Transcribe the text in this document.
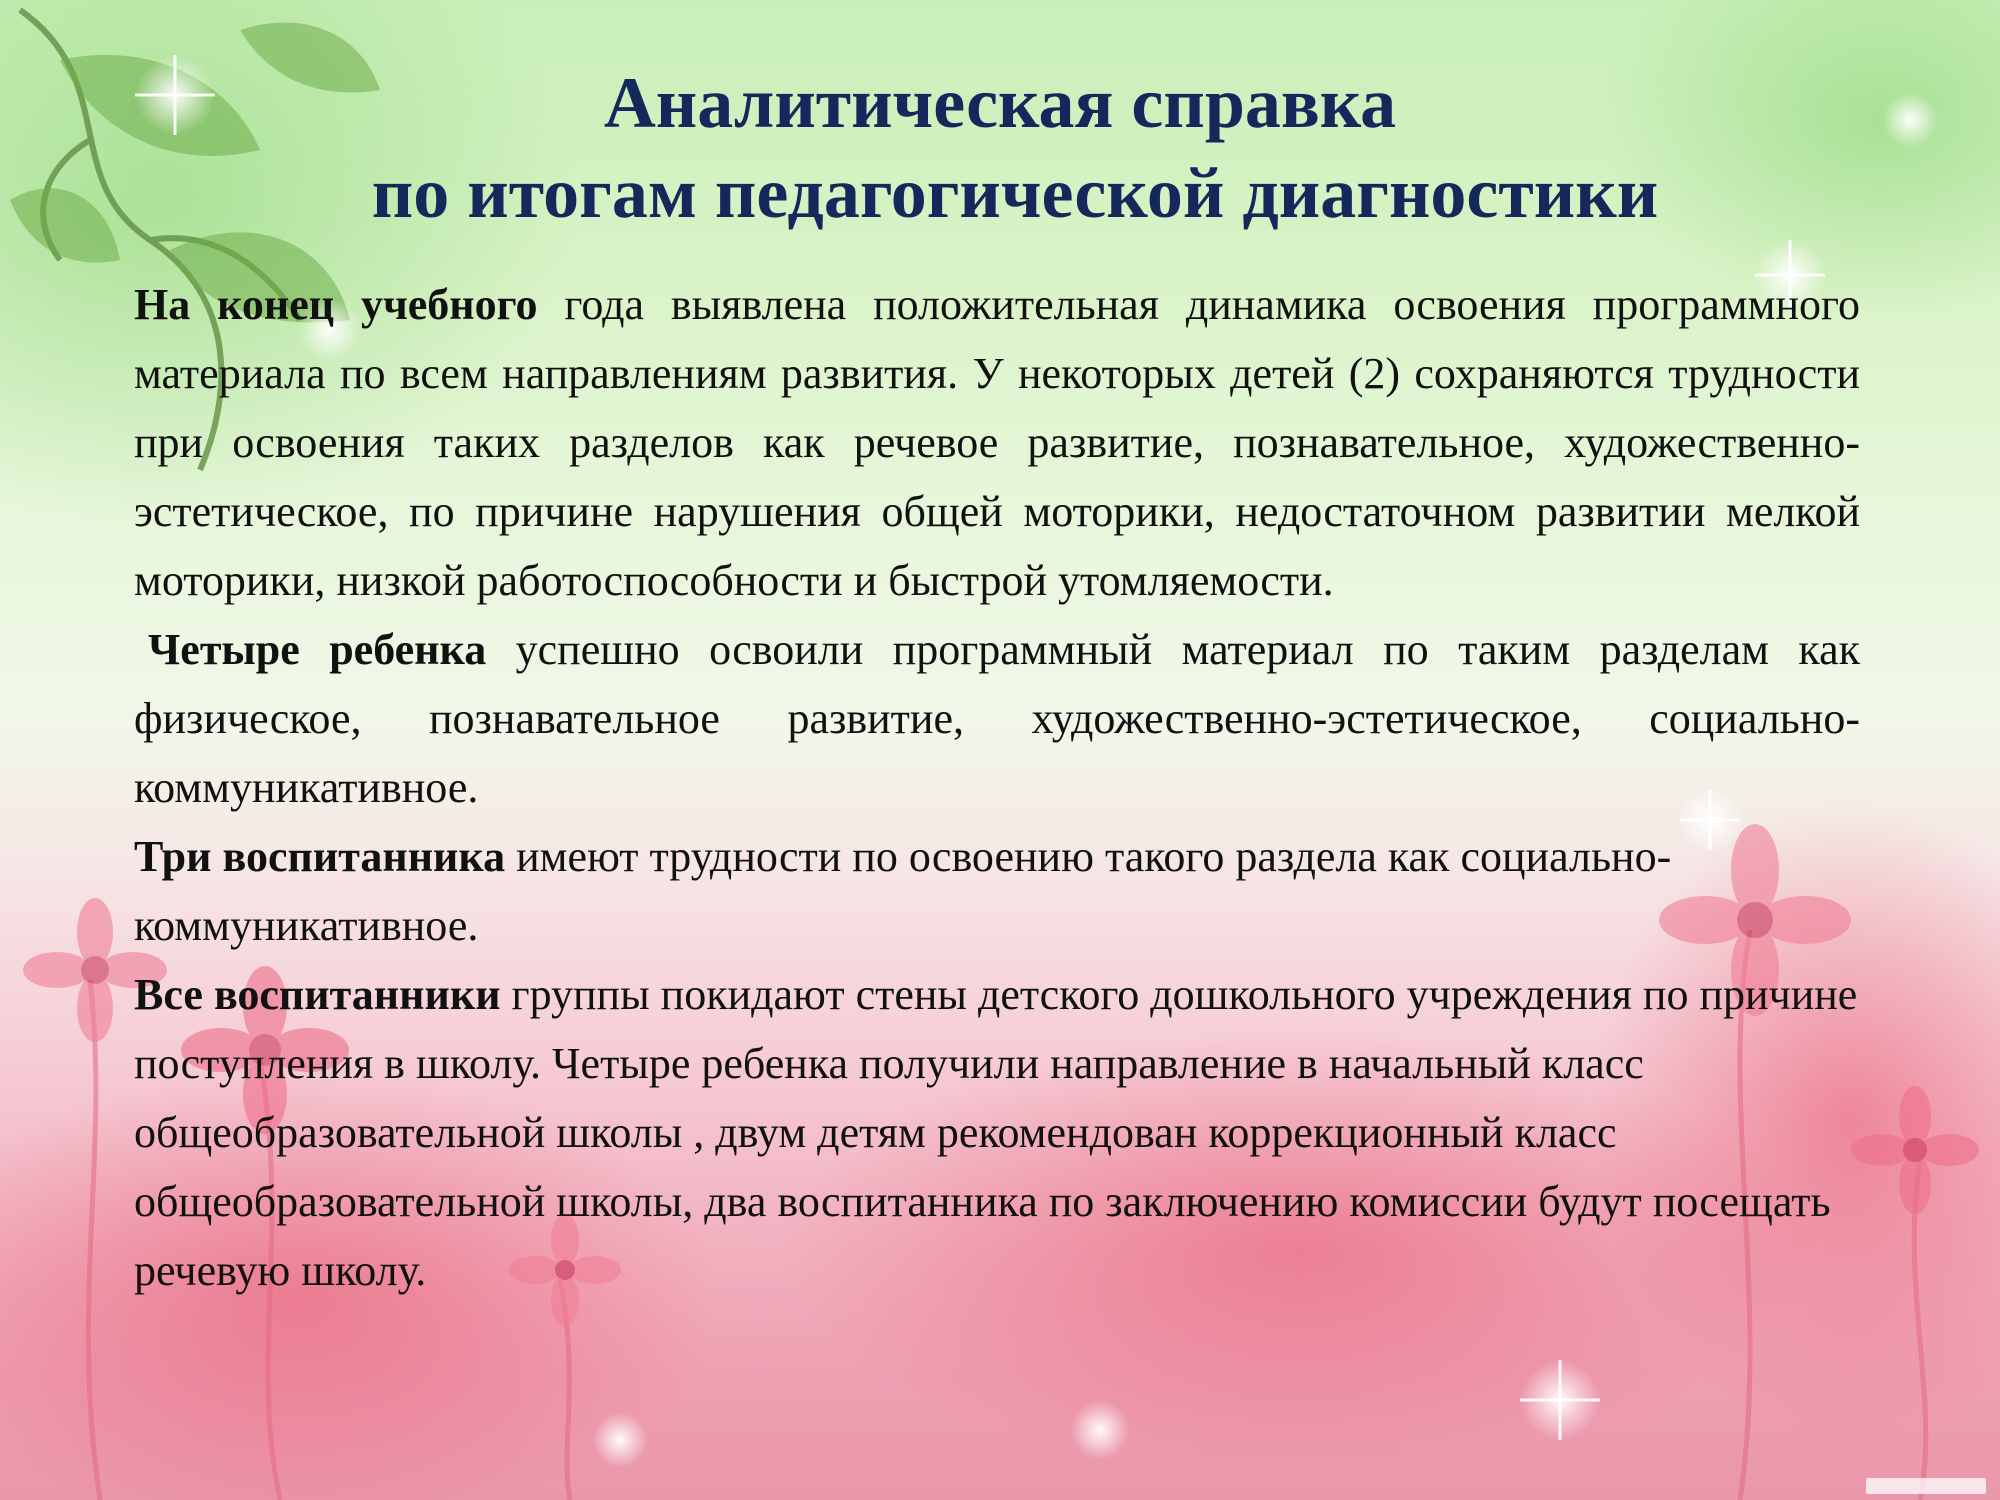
Аналитическая справка
по итогам педагогической диагностики

На конец учебного года выявлена положительная динамика освоения программного материала по всем направлениям развития. У некоторых детей (2) сохраняются трудности при освоения таких разделов как речевое развитие, познавательное, художественно-эстетическое, по причине нарушения общей моторики, недостаточном развитии мелкой моторики, низкой работоспособности и быстрой утомляемости.

Четыре ребенка успешно освоили программный материал по таким разделам как физическое, познавательное развитие, художественно-эстетическое, социально-коммуникативное.

Три воспитанника имеют трудности по освоению такого раздела как социально-коммуникативное.

Все воспитанники группы покидают стены детского дошкольного учреждения по причине поступления в школу. Четыре ребенка получили направление в начальный класс общеобразовательной школы , двум детям рекомендован коррекционный класс общеобразовательной школы, два воспитанника по заключению комиссии будут посещать речевую школу.
